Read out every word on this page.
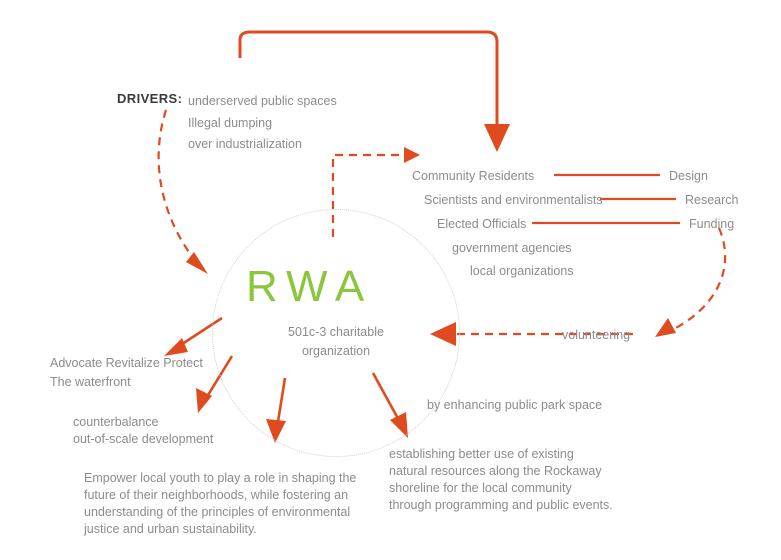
RWA
501c-3 charitable
organization
DRIVERS: underserved public spaces
Illegal dumping
over industrialization
Community Residents
Scientists and environmentalists
Elected Officials
government agencies
local organizations
Design
Research
Funding
volunteering
Advocate Revitalize Protect
The waterfront
counterbalance
out-of-scale development
Empower local youth to play a role in shaping the
future of their neighborhoods, while fostering an
understanding of the principles of environmental
justice and urban sustainability.
establishing better use of existing
natural resources along the Rockaway
shoreline for the local community
through programming and public events.
by enhancing public park space
